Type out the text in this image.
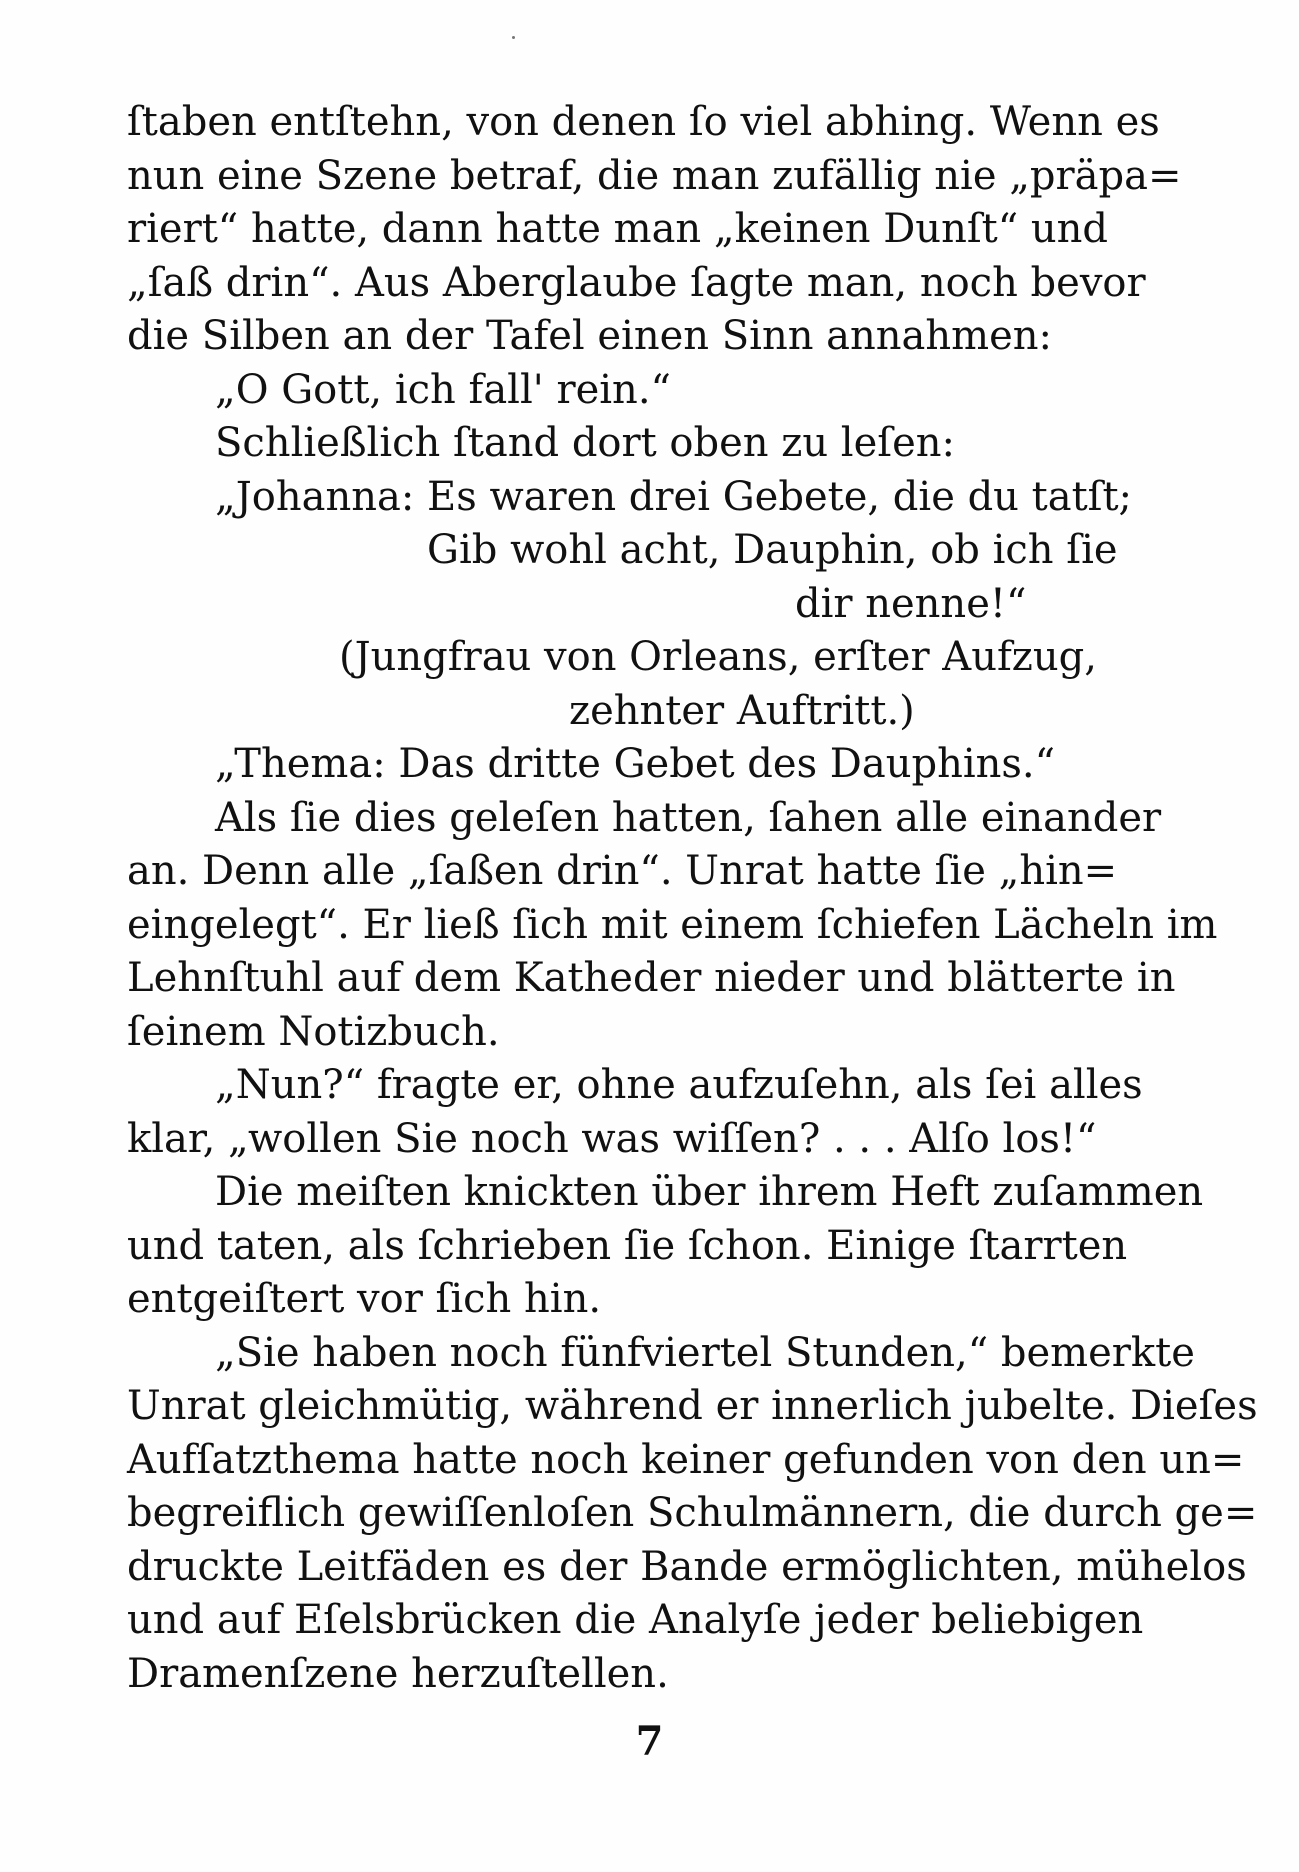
ſtaben entſtehn, von denen ſo viel abhing. Wenn es
nun eine Szene betraf, die man zufällig nie „präpa=
riert“ hatte, dann hatte man „keinen Dunſt“ und
„ſaß drin“. Aus Aberglaube ſagte man, noch bevor
die Silben an der Tafel einen Sinn annahmen:
„O Gott, ich fall' rein.“
Schließlich ſtand dort oben zu leſen:
„Johanna: Es waren drei Gebete, die du tatſt;
Gib wohl acht, Dauphin, ob ich ſie
dir nenne!“
(Jungfrau von Orleans, erſter Aufzug,
zehnter Auftritt.)
„Thema: Das dritte Gebet des Dauphins.“
Als ſie dies geleſen hatten, ſahen alle einander
an. Denn alle „ſaßen drin“. Unrat hatte ſie „hin=
eingelegt“. Er ließ ſich mit einem ſchiefen Lächeln im
Lehnſtuhl auf dem Katheder nieder und blätterte in
ſeinem Notizbuch.
„Nun?“ fragte er, ohne aufzuſehn, als ſei alles
klar, „wollen Sie noch was wiſſen? . . . Alſo los!“
Die meiſten knickten über ihrem Heft zuſammen
und taten, als ſchrieben ſie ſchon. Einige ſtarrten
entgeiſtert vor ſich hin.
„Sie haben noch fünfviertel Stunden,“ bemerkte
Unrat gleichmütig, während er innerlich jubelte. Dieſes
Aufſatzthema hatte noch keiner gefunden von den un=
begreiflich gewiſſenloſen Schulmännern, die durch ge=
druckte Leitfäden es der Bande ermöglichten, mühelos
und auf Eſelsbrücken die Analyſe jeder beliebigen
Dramenſzene herzuſtellen.
7
